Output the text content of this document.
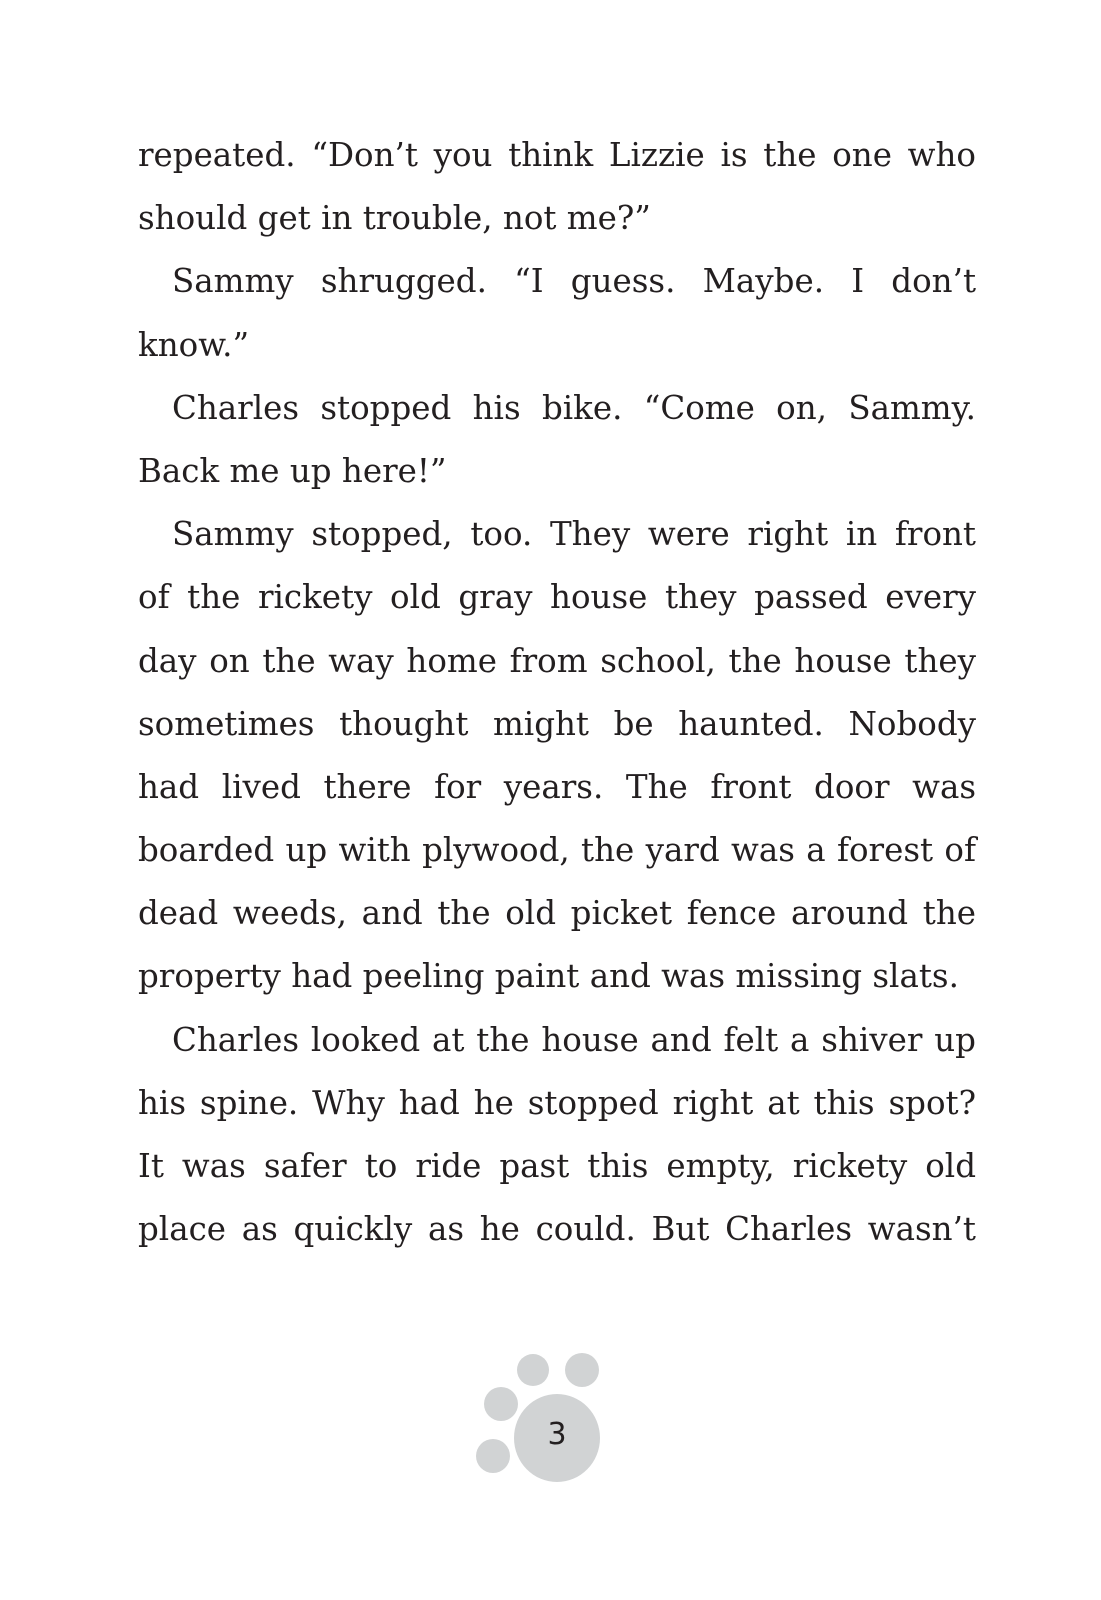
repeated. “Don’t you think Lizzie is the one who
should get in trouble, not me?”

Sammy shrugged. “I guess. Maybe. I don’t
know.”

Charles stopped his bike. “Come on, Sammy.
Back me up here!”

Sammy stopped, too. They were right in front
of the rickety old gray house they passed every
day on the way home from school, the house they
sometimes thought might be haunted. Nobody
had lived there for years. The front door was
boarded up with plywood, the yard was a forest of
dead weeds, and the old picket fence around the
property had peeling paint and was missing slats.

Charles looked at the house and felt a shiver up
his spine. Why had he stopped right at this spot?
It was safer to ride past this empty, rickety old
place as quickly as he could. But Charles wasn’t

3
